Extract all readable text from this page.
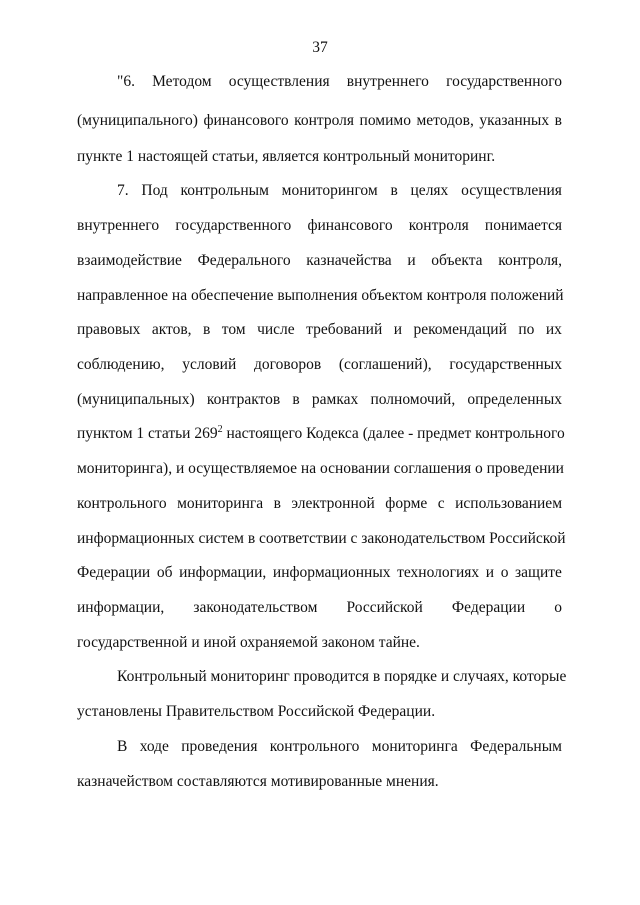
37
"6. Методом осуществления внутреннего государственного
(муниципального) финансового контроля помимо методов, указанных в
пункте 1 настоящей статьи, является контрольный мониторинг.
7. Под контрольным мониторингом в целях осуществления
внутреннего государственного финансового контроля понимается
взаимодействие Федерального казначейства и объекта контроля,
направленное на обеспечение выполнения объектом контроля положений
правовых актов, в том числе требований и рекомендаций по их
соблюдению, условий договоров (соглашений), государственных
(муниципальных) контрактов в рамках полномочий, определенных
пунктом 1 статьи $269^2$ настоящего Кодекса (далее - предмет контрольного
мониторинга), и осуществляемое на основании соглашения о проведении
контрольного мониторинга в электронной форме с использованием
информационных систем в соответствии с законодательством Российской
Федерации об информации, информационных технологиях и о защите
информации, законодательством Российской Федерации о
государственной и иной охраняемой законом тайне.
Контрольный мониторинг проводится в порядке и случаях, которые
установлены Правительством Российской Федерации.
В ходе проведения контрольного мониторинга Федеральным
казначейством составляются мотивированные мнения.
